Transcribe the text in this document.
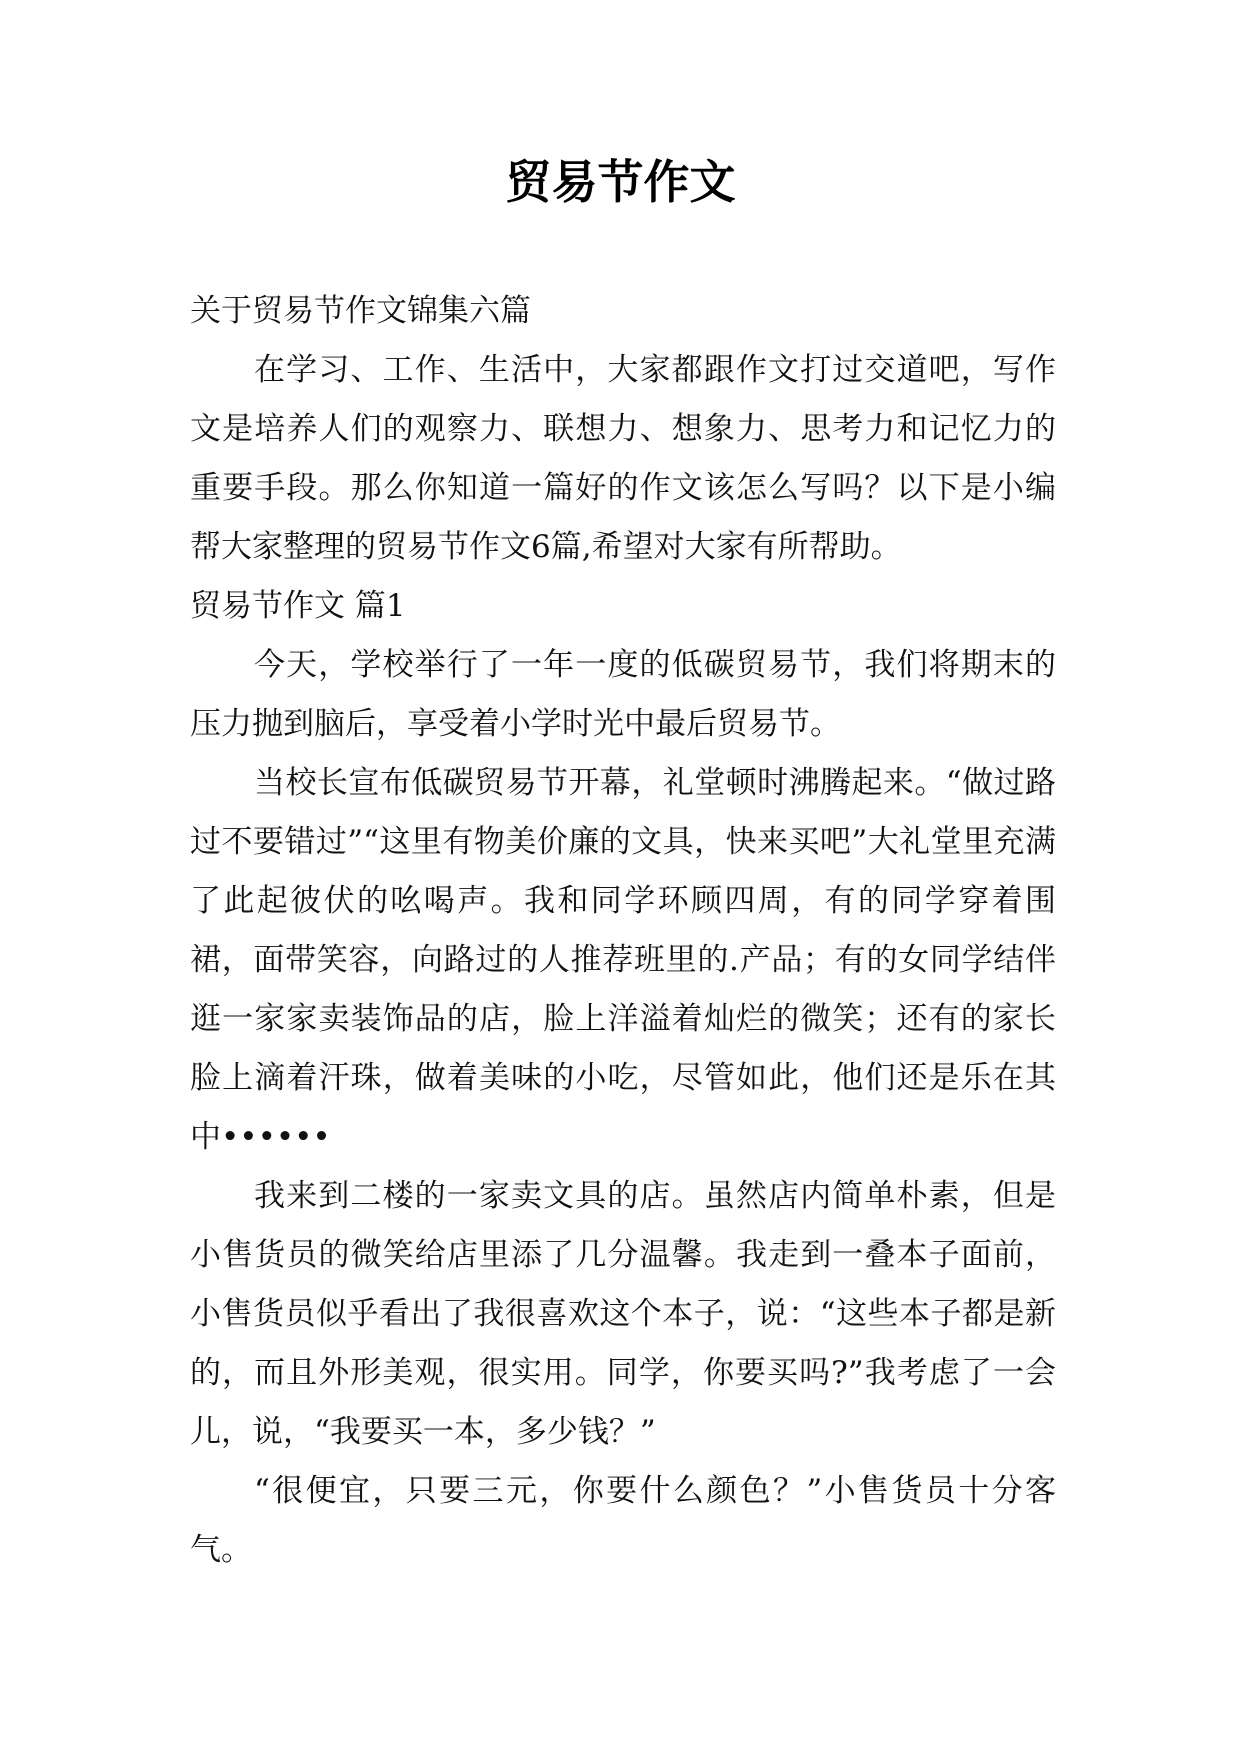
贸易节作文

关于贸易节作文锦集六篇

在学习、工作、生活中，大家都跟作文打过交道吧，写作文是培养人们的观察力、联想力、想象力、思考力和记忆力的重要手段。那么你知道一篇好的作文该怎么写吗？以下是小编帮大家整理的贸易节作文6篇,希望对大家有所帮助。

贸易节作文 篇1

今天，学校举行了一年一度的低碳贸易节，我们将期末的压力抛到脑后，享受着小学时光中最后贸易节。

当校长宣布低碳贸易节开幕，礼堂顿时沸腾起来。“做过路过不要错过”“这里有物美价廉的文具，快来买吧”大礼堂里充满了此起彼伏的吆喝声。我和同学环顾四周，有的同学穿着围裙，面带笑容，向路过的人推荐班里的.产品；有的女同学结伴逛一家家卖装饰品的店，脸上洋溢着灿烂的微笑；还有的家长脸上滴着汗珠，做着美味的小吃，尽管如此，他们还是乐在其中••••••

我来到二楼的一家卖文具的店。虽然店内简单朴素，但是小售货员的微笑给店里添了几分温馨。我走到一叠本子面前，小售货员似乎看出了我很喜欢这个本子，说：“这些本子都是新的，而且外形美观，很实用。同学，你要买吗?”我考虑了一会儿，说，“我要买一本，多少钱？”

“很便宜，只要三元，你要什么颜色？”小售货员十分客气。
